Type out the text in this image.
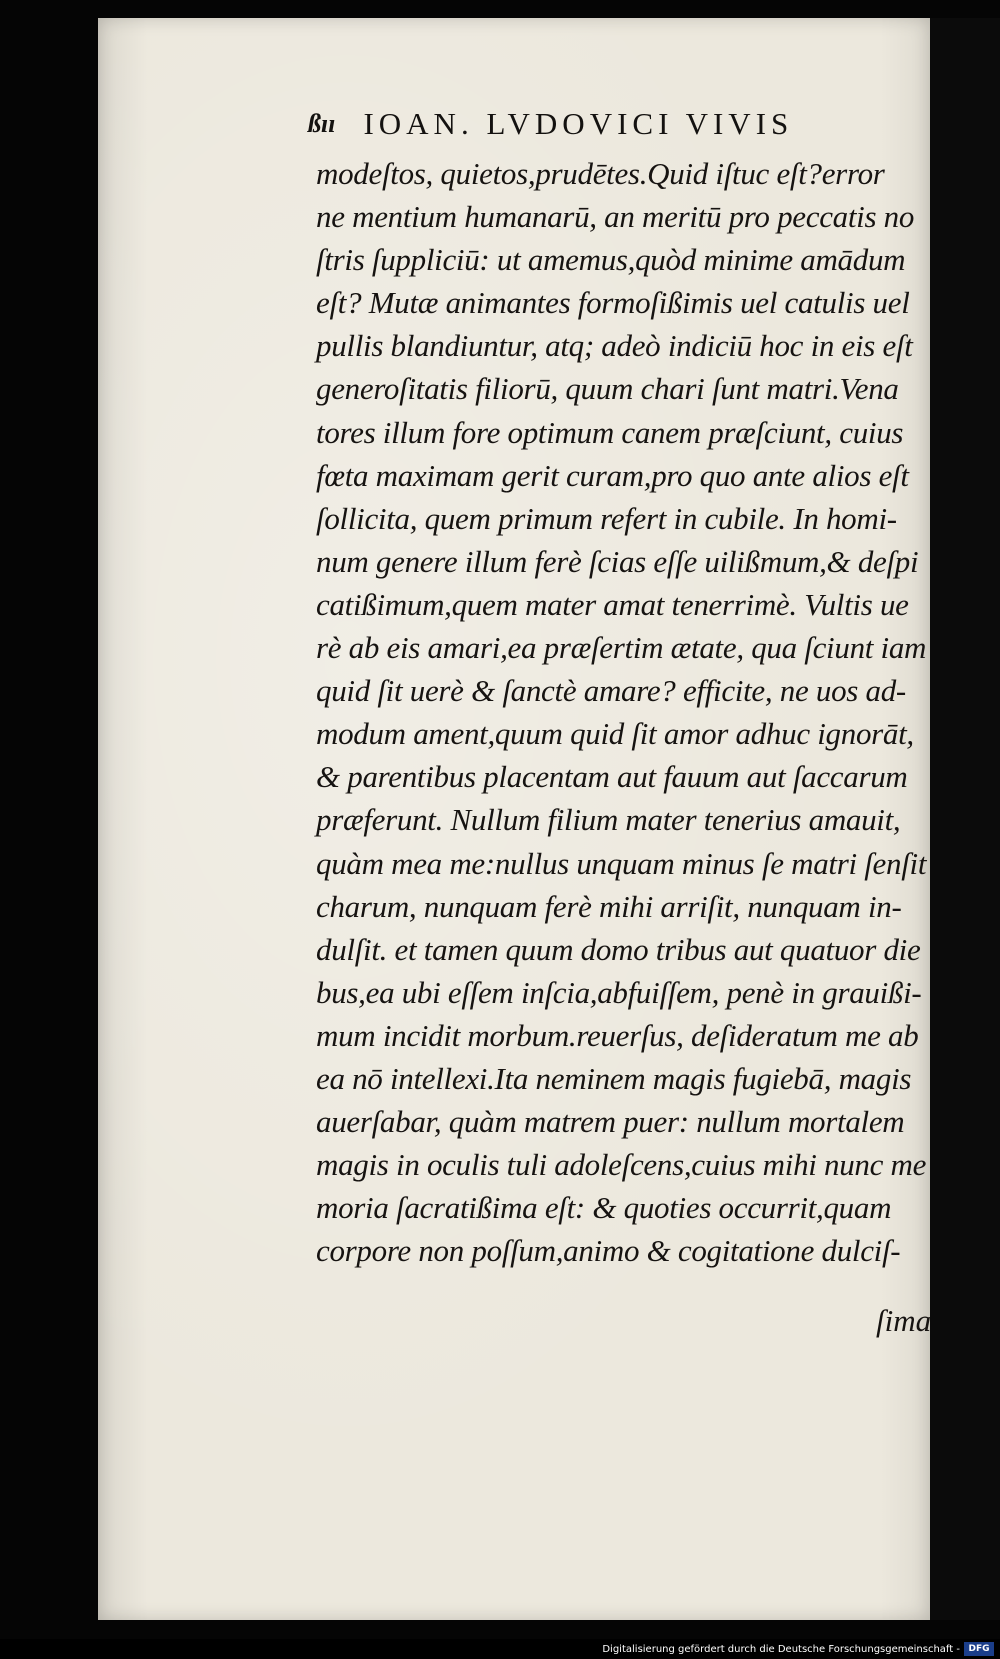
ßıı IOAN. LVDOVICI VIVIS
modeſtos, quietos,prudētes.Quid iſtuc eſt?error
ne mentium humanarū, an meritū pro peccatis no
ſtris ſuppliciū: ut amemus,quòd minime amādum
eſt? Mutæ animantes formoſißimis uel catulis uel
pullis blandiuntur, atq; adeò indiciū hoc in eis eſt
generoſitatis filiorū, quum chari ſunt matri.Vena
tores illum fore optimum canem præſciunt, cuius
fœta maximam gerit curam,pro quo ante alios eſt
ſollicita, quem primum refert in cubile. In homi-
num genere illum ferè ſcias eſſe uilißmum,& deſpi
catißimum,quem mater amat tenerrimè. Vultis ue
rè ab eis amari,ea præſertim ætate, qua ſciunt iam
quid ſit uerè & ſanctè amare? efficite, ne uos ad-
modum ament,quum quid ſit amor adhuc ignorāt,
& parentibus placentam aut fauum aut ſaccarum
præferunt. Nullum filium mater tenerius amauit,
quàm mea me:nullus unquam minus ſe matri ſenſit
charum, nunquam ferè mihi arriſit, nunquam in-
dulſit. et tamen quum domo tribus aut quatuor die
bus,ea ubi eſſem inſcia,abfuiſſem, penè in grauißi-
mum incidit morbum.reuerſus, deſideratum me ab
ea nō intellexi.Ita neminem magis fugiebā, magis
auerſabar, quàm matrem puer: nullum mortalem
magis in oculis tuli adoleſcens,cuius mihi nunc me
moria ſacratißima eſt: & quoties occurrit,quam
corpore non poſſum,animo & cogitatione dulciſ-
ſima
Digitalisierung gefördert durch die Deutsche Forschungsgemeinschaft - DFG
